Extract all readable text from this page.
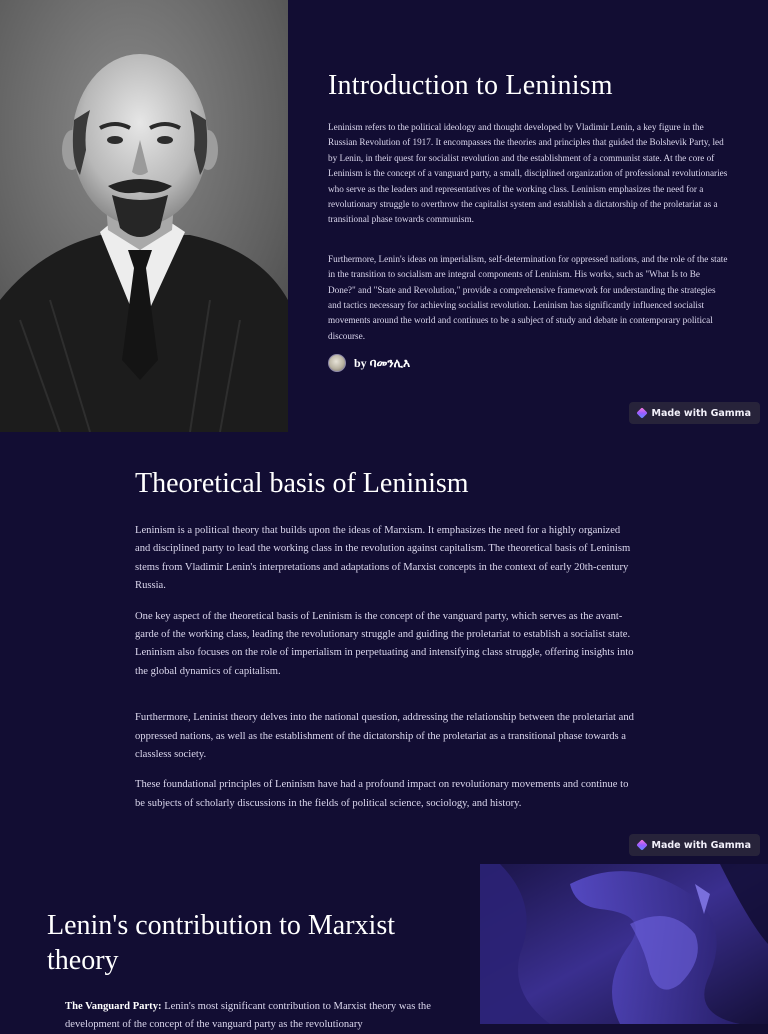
Introduction to Leninism

Leninism refers to the political ideology and thought developed by Vladimir Lenin, a key figure in the Russian Revolution of 1917. It encompasses the theories and principles that guided the Bolshevik Party, led by Lenin, in their quest for socialist revolution and the establishment of a communist state. At the core of Leninism is the concept of a vanguard party, a small, disciplined organization of professional revolutionaries who serve as the leaders and representatives of the working class. Leninism emphasizes the need for a revolutionary struggle to overthrow the capitalist system and establish a dictatorship of the proletariat as a transitional phase towards communism.

Furthermore, Lenin's ideas on imperialism, self-determination for oppressed nations, and the role of the state in the transition to socialism are integral components of Leninism. His works, such as "What Is to Be Done?" and "State and Revolution," provide a comprehensive framework for understanding the strategies and tactics necessary for achieving socialist revolution. Leninism has significantly influenced socialist movements around the world and continues to be a subject of study and debate in contemporary political discourse.

by ባመንሊእ
Made with Gamma
Theoretical basis of Leninism

Leninism is a political theory that builds upon the ideas of Marxism. It emphasizes the need for a highly organized and disciplined party to lead the working class in the revolution against capitalism. The theoretical basis of Leninism stems from Vladimir Lenin's interpretations and adaptations of Marxist concepts in the context of early 20th-century Russia.

One key aspect of the theoretical basis of Leninism is the concept of the vanguard party, which serves as the avant-garde of the working class, leading the revolutionary struggle and guiding the proletariat to establish a socialist state. Leninism also focuses on the role of imperialism in perpetuating and intensifying class struggle, offering insights into the global dynamics of capitalism.

Furthermore, Leninist theory delves into the national question, addressing the relationship between the proletariat and oppressed nations, as well as the establishment of the dictatorship of the proletariat as a transitional phase towards a classless society.

These foundational principles of Leninism have had a profound impact on revolutionary movements and continue to be subjects of scholarly discussions in the fields of political science, sociology, and history.

Made with Gamma
Lenin's contribution to Marxist theory

The Vanguard Party: Lenin's most significant contribution to Marxist theory was the development of the concept of the vanguard party as the revolutionary
